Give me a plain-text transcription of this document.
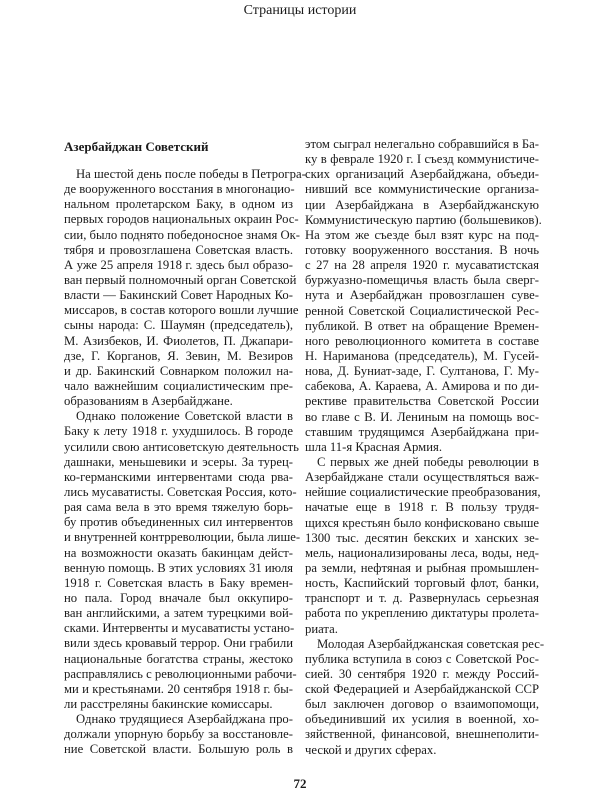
Страницы истории
Азербайджан Советский
На шестой день после победы в Петрогра-
де вооруженного восстания в многонацио-
нальном пролетарском Баку, в одном из
первых городов национальных окраин Рос-
сии, было поднято победоносное знамя Ок-
тября и провозглашена Советская власть.
А уже 25 апреля 1918 г. здесь был образо-
ван первый полномочный орган Советской
власти — Бакинский Совет Народных Ко-
миссаров, в состав которого вошли лучшие
сыны народа: С. Шаумян (председатель),
М. Азизбеков, И. Фиолетов, П. Джапари-
дзе, Г. Корганов, Я. Зевин, М. Везиров
и др. Бакинский Совнарком положил на-
чало важнейшим социалистическим пре-
образованиям в Азербайджане.
Однако положение Советской власти в
Баку к лету 1918 г. ухудшилось. В городе
усилили свою антисоветскую деятельность
дашнаки, меньшевики и эсеры. За турец-
ко-германскими интервентами сюда рва-
лись мусаватисты. Советская Россия, кото-
рая сама вела в это время тяжелую борь-
бу против объединенных сил интервентов
и внутренней контрреволюции, была лише-
на возможности оказать бакинцам дейст-
венную помощь. В этих условиях 31 июля
1918 г. Советская власть в Баку времен-
но пала. Город вначале был оккупиро-
ван английскими, а затем турецкими вой-
сками. Интервенты и мусаватисты устано-
вили здесь кровавый террор. Они грабили
национальные богатства страны, жестоко
расправлялись с революционными рабочи-
ми и крестьянами. 20 сентября 1918 г. бы-
ли расстреляны бакинские комиссары.
Однако трудящиеся Азербайджана про-
должали упорную борьбу за восстановле-
ние Советской власти. Большую роль в
этом сыграл нелегально собравшийся в Ба-
ку в феврале 1920 г. I съезд коммунистиче-
ских организаций Азербайджана, объеди-
нивший все коммунистические организа-
ции Азербайджана в Азербайджанскую
Коммунистическую партию (большевиков).
На этом же съезде был взят курс на под-
готовку вооруженного восстания. В ночь
с 27 на 28 апреля 1920 г. мусаватистская
буржуазно-помещичья власть была сверг-
нута и Азербайджан провозглашен суве-
ренной Советской Социалистической Рес-
публикой. В ответ на обращение Времен-
ного революционного комитета в составе
Н. Нариманова (председатель), М. Гусей-
нова, Д. Буниат-заде, Г. Султанова, Г. Му-
сабекова, А. Караева, А. Амирова и по ди-
рективе правительства Советской России
во главе с В. И. Лениным на помощь вос-
ставшим трудящимся Азербайджана при-
шла 11-я Красная Армия.
С первых же дней победы революции в
Азербайджане стали осуществляться важ-
нейшие социалистические преобразования,
начатые еще в 1918 г. В пользу трудя-
щихся крестьян было конфисковано свыше
1300 тыс. десятин бекских и ханских зе-
мель, национализированы леса, воды, нед-
ра земли, нефтяная и рыбная промышлен-
ность, Каспийский торговый флот, банки,
транспорт и т. д. Развернулась серьезная
работа по укреплению диктатуры пролета-
риата.
Молодая Азербайджанская советская рес-
публика вступила в союз с Советской Рос-
сией. 30 сентября 1920 г. между Россий-
ской Федерацией и Азербайджанской ССР
был заключен договор о взаимопомощи,
объединивший их усилия в военной, хо-
зяйственной, финансовой, внешнеполити-
ческой и других сферах.
72
